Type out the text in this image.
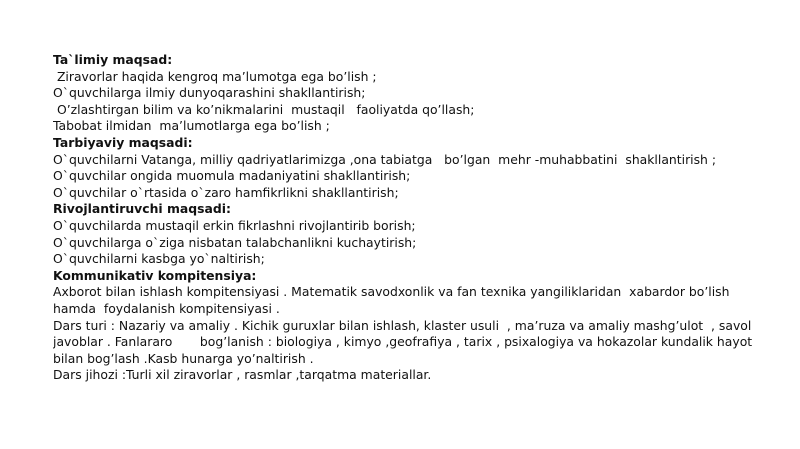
Ta`limiy maqsad:
Ziravorlar haqida kengroq ma’lumotga ega bo’lish ;
O`quvchilarga ilmiy dunyoqarashini shakllantirish;
O’zlashtirgan bilim va ko’nikmalarini  mustaqil   faoliyatda qo’llash;
Tabobat ilmidan  ma’lumotlarga ega bo’lish ;
Tarbiyaviy maqsadi:
O`quvchilarni Vatanga, milliy qadriyatlarimizga ,ona tabiatga   bo’lgan  mehr -muhabbatini  shakllantirish ;
O`quvchilar ongida muomula madaniyatini shakllantirish;
O`quvchilar o`rtasida o`zaro hamfikrlikni shakllantirish;
Rivojlantiruvchi maqsadi:
O`quvchilarda mustaqil erkin fikrlashni rivojlantirib borish;
O`quvchilarga o`ziga nisbatan talabchanlikni kuchaytirish;
O`quvchilarni kasbga yo`naltirish;
Kommunikativ kompitensiya:
Axborot bilan ishlash kompitensiyasi . Matematik savodxonlik va fan texnika yangiliklaridan  xabardor bo’lish hamda  foydalanish kompitensiyasi .
Dars turi : Nazariy va amaliy . Kichik guruxlar bilan ishlash, klaster usuli  , ma’ruza va amaliy mashg’ulot  , savol javoblar . Fanlararo       bog’lanish : biologiya , kimyo ,geofrafiya , tarix , psixalogiya va hokazolar kundalik hayot bilan bog’lash .Kasb hunarga yo’naltirish .
Dars jihozi :Turli xil ziravorlar , rasmlar ,tarqatma materiallar.
